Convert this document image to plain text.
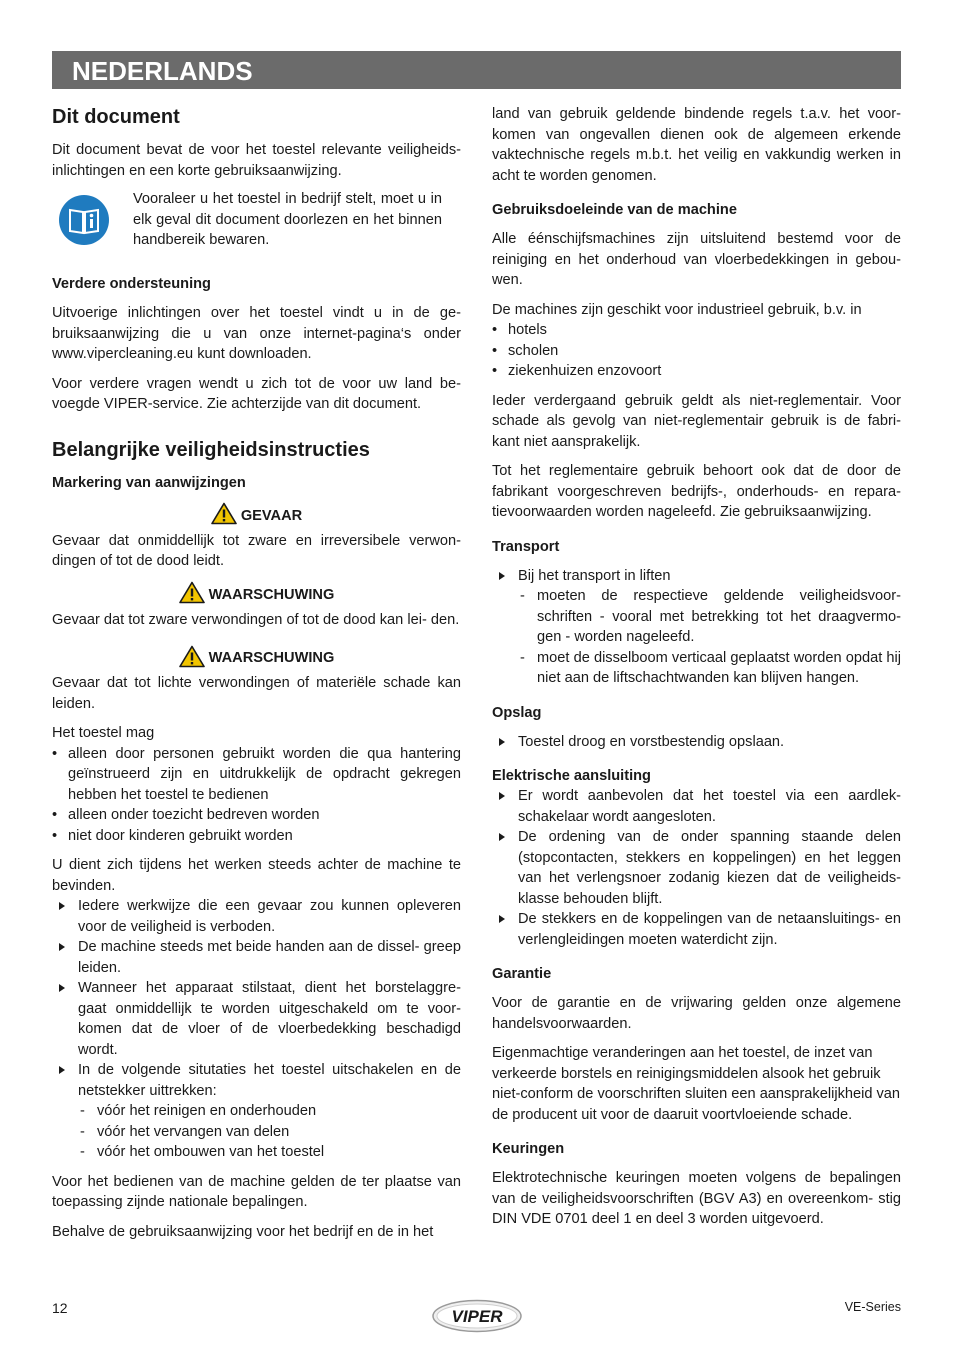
NEDERLANDS
Dit document

Dit document bevat de voor het toestel relevante veiligheids- inlichtingen en een korte gebruiksaanwijzing.

Vooraleer u het toestel in bedrijf stelt, moet u in elk geval dit document doorlezen en het binnen handbereik bewaren.
Verdere ondersteuning

Uitvoerige inlichtingen over het toestel vindt u in de ge- bruiksaanwijzing die u van onze internet-pagina‘s onder www.vipercleaning.eu kunt downloaden.

Voor verdere vragen wendt u zich tot de voor uw land be- voegde VIPER-service. Zie achterzijde van dit document.

Belangrijke veiligheidsinstructies
Markering van aanwijzingen
GEVAAR

Gevaar dat onmiddellijk tot zware en irreversibele verwon- dingen of tot de dood leidt.

WAARSCHUWING

Gevaar dat tot zware verwondingen of tot de dood kan lei- den.

WAARSCHUWING

Gevaar dat tot lichte verwondingen of materiële schade kan leiden.

Het toestel mag
• alleen door personen gebruikt worden die qua hantering geïnstrueerd zijn en uitdrukkelijk de opdracht gekregen hebben het toestel te bedienen
• alleen onder toezicht bedreven worden
• niet door kinderen gebruikt worden

U dient zich tijdens het werken steeds achter de machine te bevinden.

Iedere werkwijze die een gevaar zou kunnen opleveren voor de veiligheid is verboden.
De machine steeds met beide handen aan de dissel- greep leiden.
Wanneer het apparaat stilstaat, dient het borstelaggre- gaat onmiddellijk te worden uitgeschakeld om te voor- komen dat de vloer of de vloerbedekking beschadigd wordt.
In de volgende situtaties het toestel uitschakelen en de netstekker uittrekken:
- vóór het reinigen en onderhouden
- vóór het vervangen van delen
- vóór het ombouwen van het toestel

Voor het bedienen van de machine gelden de ter plaatse van toepassing zijnde nationale bepalingen.

Behalve de gebruiksaanwijzing voor het bedrijf en de in het

land van gebruik geldende bindende regels t.a.v. het voor- komen van ongevallen dienen ook de algemeen erkende vaktechnische regels m.b.t. het veilig en vakkundig werken in acht te worden genomen.

Gebruiksdoeleinde van de machine

Alle éénschijfsmachines zijn uitsluitend bestemd voor de reiniging en het onderhoud van vloerbedekkingen in gebou- wen.

De machines zijn geschikt voor industrieel gebruik, b.v. in
• hotels
• scholen
• ziekenhuizen enzovoort

Ieder verdergaand gebruik geldt als niet-reglementair. Voor schade als gevolg van niet-reglementair gebruik is de fabri- kant niet aansprakelijk.

Tot het reglementaire gebruik behoort ook dat de door de fabrikant voorgeschreven bedrijfs-, onderhouds- en repara- tievoorwaarden worden nageleefd. Zie gebruiksaanwijzing.

Transport
Bij het transport in liften
- moeten de respectieve geldende veiligheidsvoor- schriften - vooral met betrekking tot het draagvermo- gen - worden nageleefd.
- moet de disselboom verticaal geplaatst worden opdat hij niet aan de liftschachtwanden kan blijven hangen.
Opslag
Toestel droog en vorstbestendig opslaan.
Elektrische aansluiting
Er wordt aanbevolen dat het toestel via een aardlek- schakelaar wordt aangesloten.
De ordening van de onder spanning staande delen (stopcontacten, stekkers en koppelingen) en het leggen van het verlengsnoer zodanig kiezen dat de veiligheids- klasse behouden blijft.
De stekkers en de koppelingen van de netaansluitings- en verlengleidingen moeten waterdicht zijn.
Garantie

Voor de garantie en de vrijwaring gelden onze algemene handelsvoorwaarden.

Eigenmachtige veranderingen aan het toestel, de inzet van verkeerde borstels en reinigingsmiddelen alsook het gebruik niet-conform de voorschriften sluiten een aansprakelijkheid van de producent uit voor de daaruit voortvloeiende schade.

Keuringen

Elektrotechnische keuringen moeten volgens de bepalingen van de veiligheidsvoorschriften (BGV A3) en overeenkom- stig DIN VDE 0701 deel 1 en deel 3 worden uitgevoerd.

12	VIPER	VE-Series
